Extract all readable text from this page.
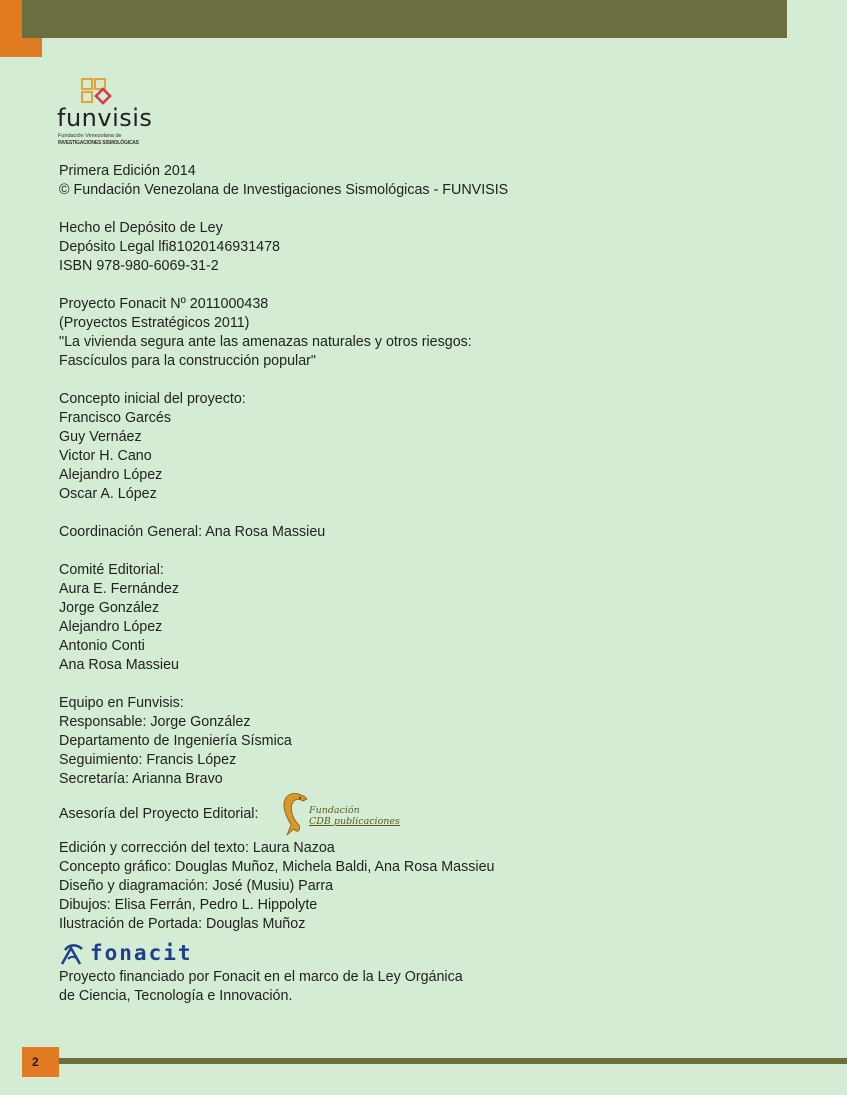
funvisis
Fundación Venezolana de
INVESTIGACIONES SISMOLÓGICAS
Primera Edición 2014
© Fundación Venezolana de Investigaciones Sismológicas - FUNVISIS
Hecho el Depósito de Ley
Depósito Legal lfi81020146931478
ISBN 978-980-6069-31-2
Proyecto Fonacit Nº 2011000438
(Proyectos Estratégicos 2011)
"La vivienda segura ante las amenazas naturales y otros riesgos:
Fascículos para la construcción popular"
Concepto inicial del proyecto:
Francisco Garcés
Guy Vernáez
Victor H. Cano
Alejandro López
Oscar A. López
Coordinación General: Ana Rosa Massieu
Comité Editorial:
Aura E. Fernández
Jorge González
Alejandro López
Antonio Conti
Ana Rosa Massieu
Equipo en Funvisis:
Responsable: Jorge González
Departamento de Ingeniería Sísmica
Seguimiento: Francis López
Secretaría: Arianna Bravo
Asesoría del Proyecto Editorial:	Fundación
CDB publicaciones
Edición y corrección del texto: Laura Nazoa
Concepto gráfico: Douglas Muñoz, Michela Baldi, Ana Rosa Massieu
Diseño y diagramación: José (Musiu) Parra
Dibujos: Elisa Ferrán, Pedro L. Hippolyte
Ilustración de Portada: Douglas Muñoz
fonacit
Proyecto financiado por Fonacit en el marco de la Ley Orgánica
de Ciencia, Tecnología e Innovación.
2
